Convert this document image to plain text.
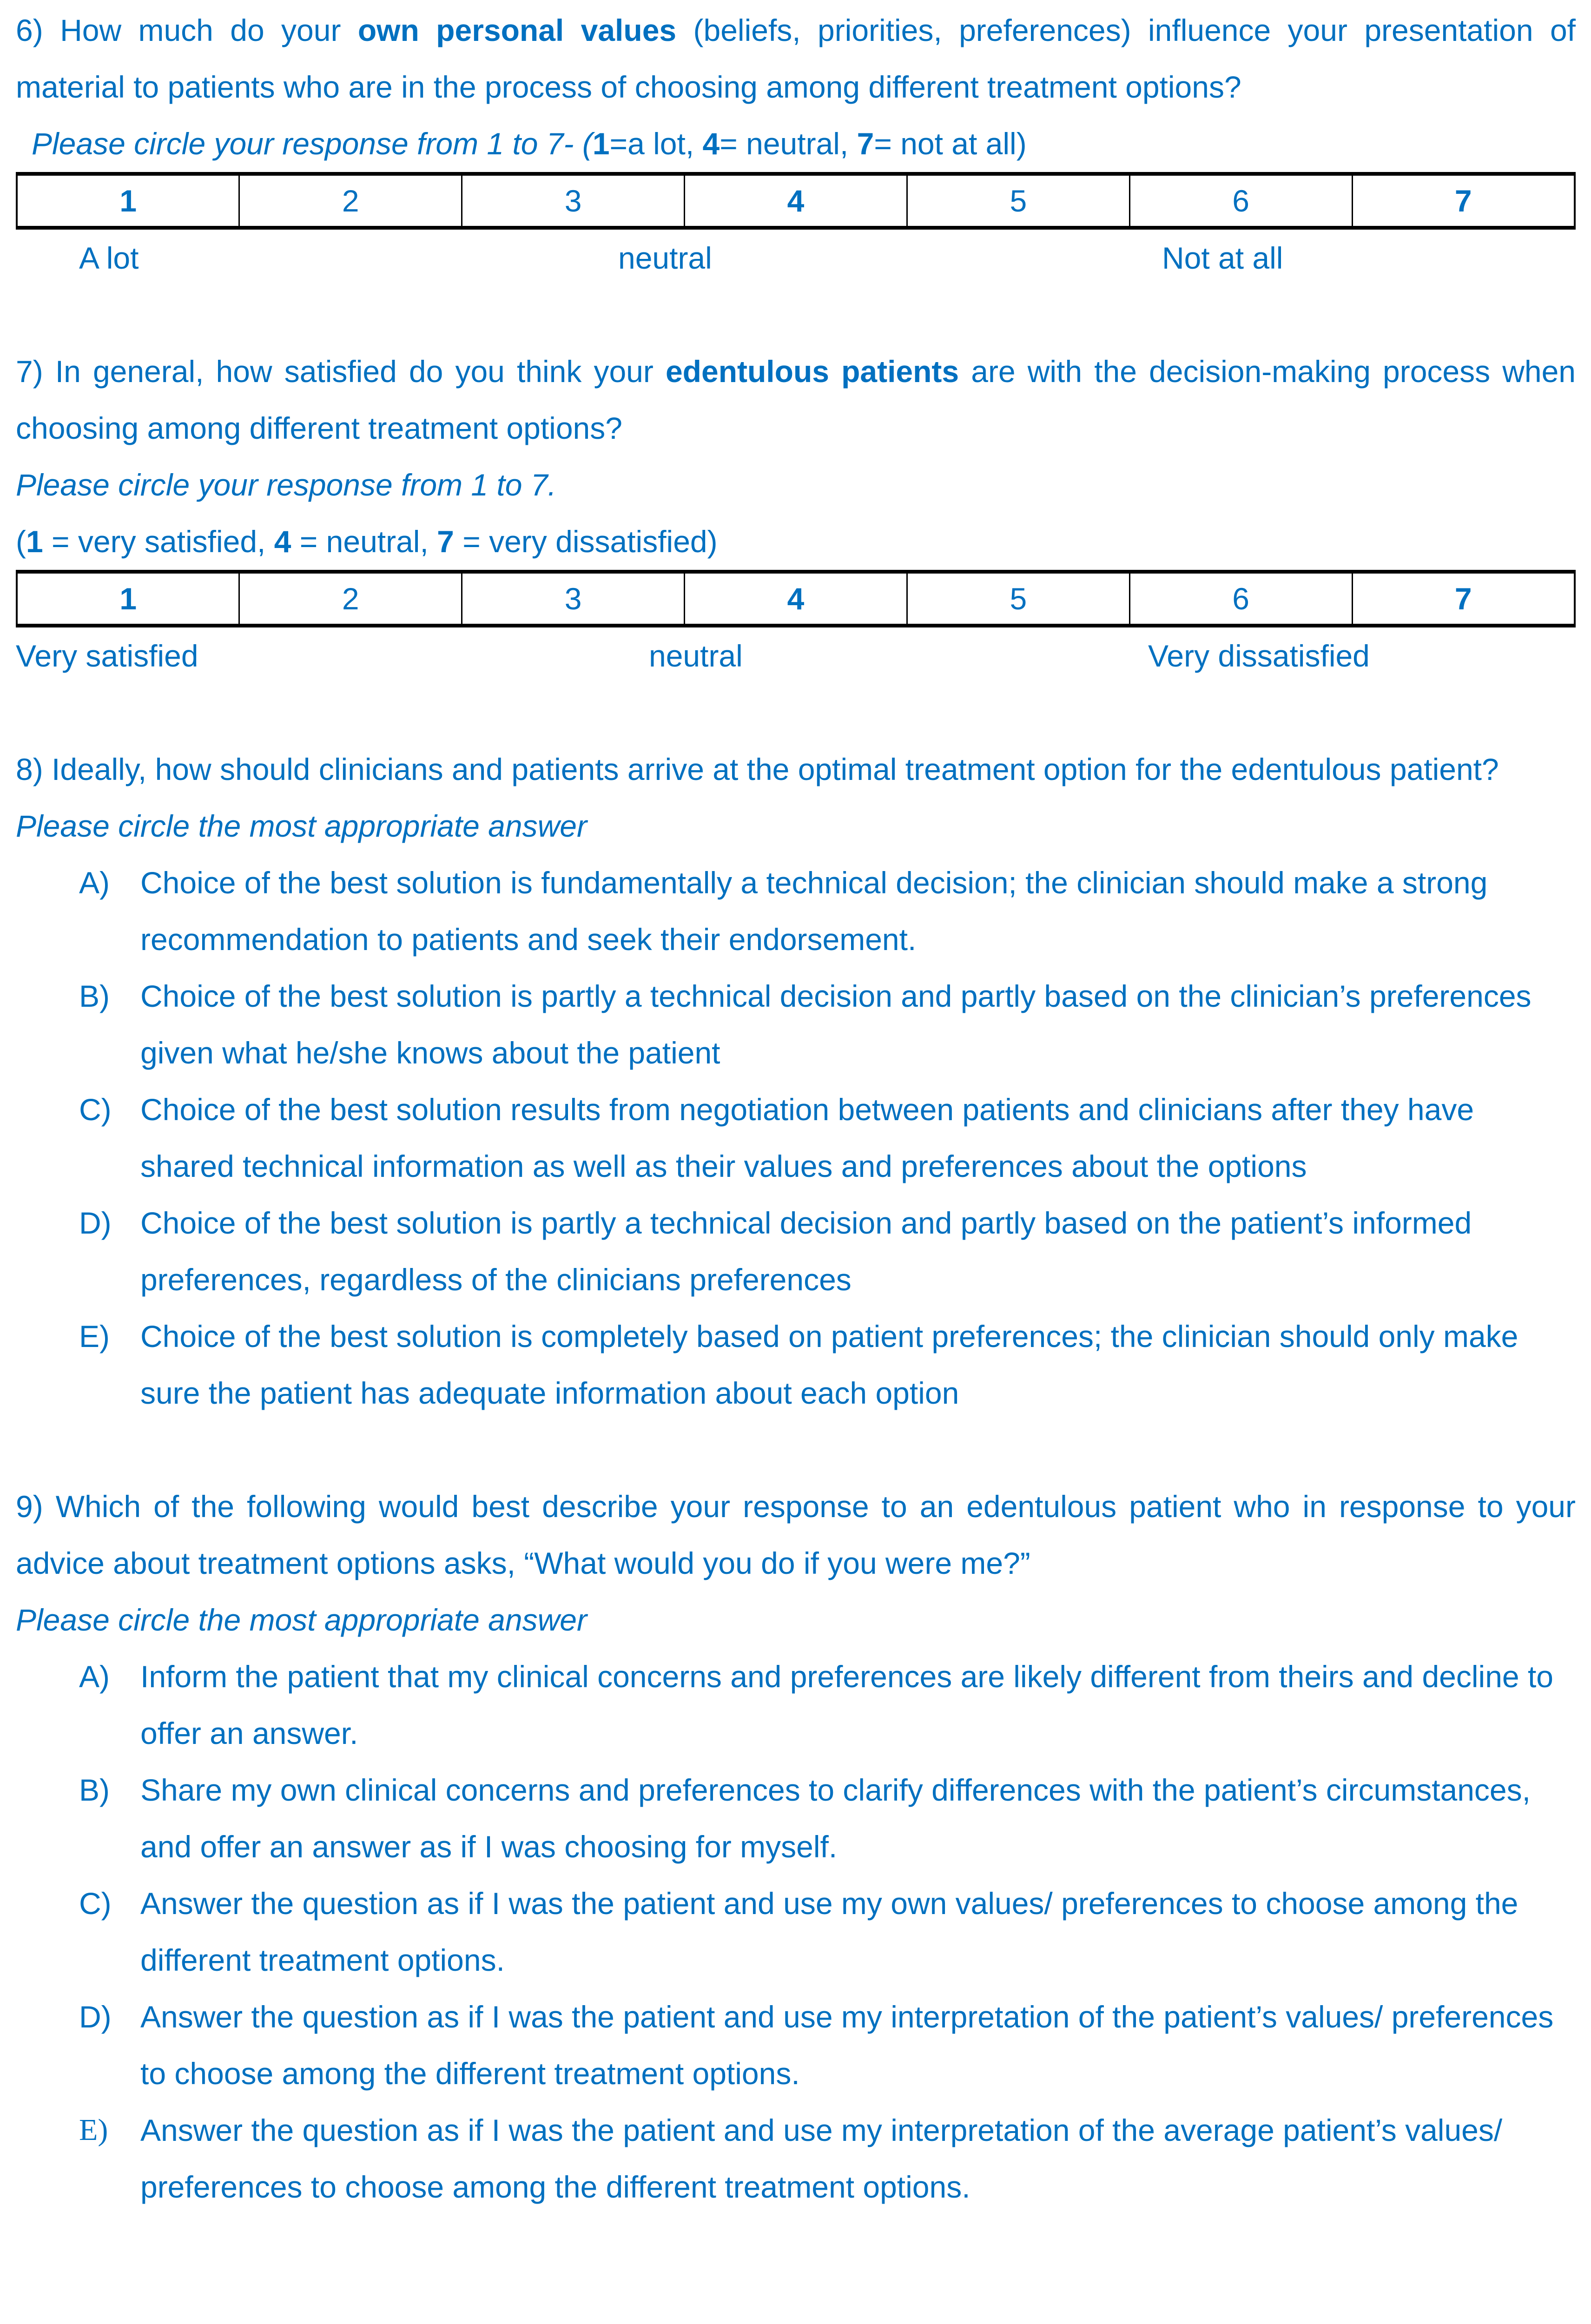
6) How much do your own personal values (beliefs, priorities, preferences) influence your presentation of material to patients who are in the process of choosing among different treatment options?

Please circle your response from 1 to 7- (1=a lot, 4= neutral, 7= not at all)

1	2	3	4	5	6	7
A lot	neutral	Not at all

7) In general, how satisfied do you think your edentulous patients are with the decision-making process when choosing among different treatment options?

Please circle your response from 1 to 7.

(1 = very satisfied, 4 = neutral, 7 = very dissatisfied)

1	2	3	4	5	6	7
Very satisfied	neutral	Very dissatisfied

8) Ideally, how should clinicians and patients arrive at the optimal treatment option for the edentulous patient?

Please circle the most appropriate answer

A) Choice of the best solution is fundamentally a technical decision; the clinician should make a strong recommendation to patients and seek their endorsement.
B) Choice of the best solution is partly a technical decision and partly based on the clinician’s preferences given what he/she knows about the patient
C) Choice of the best solution results from negotiation between patients and clinicians after they have shared technical information as well as their values and preferences about the options
D) Choice of the best solution is partly a technical decision and partly based on the patient’s informed preferences, regardless of the clinicians preferences
E) Choice of the best solution is completely based on patient preferences; the clinician should only make sure the patient has adequate information about each option

9) Which of the following would best describe your response to an edentulous patient who in response to your advice about treatment options asks, “What would you do if you were me?”

Please circle the most appropriate answer

A) Inform the patient that my clinical concerns and preferences are likely different from theirs and decline to offer an answer.
B) Share my own clinical concerns and preferences to clarify differences with the patient’s circumstances, and offer an answer as if I was choosing for myself.
C) Answer the question as if I was the patient and use my own values/ preferences to choose among the different treatment options.
D) Answer the question as if I was the patient and use my interpretation of the patient’s values/ preferences to choose among the different treatment options.
E) Answer the question as if I was the patient and use my interpretation of the average patient’s values/ preferences to choose among the different treatment options.
